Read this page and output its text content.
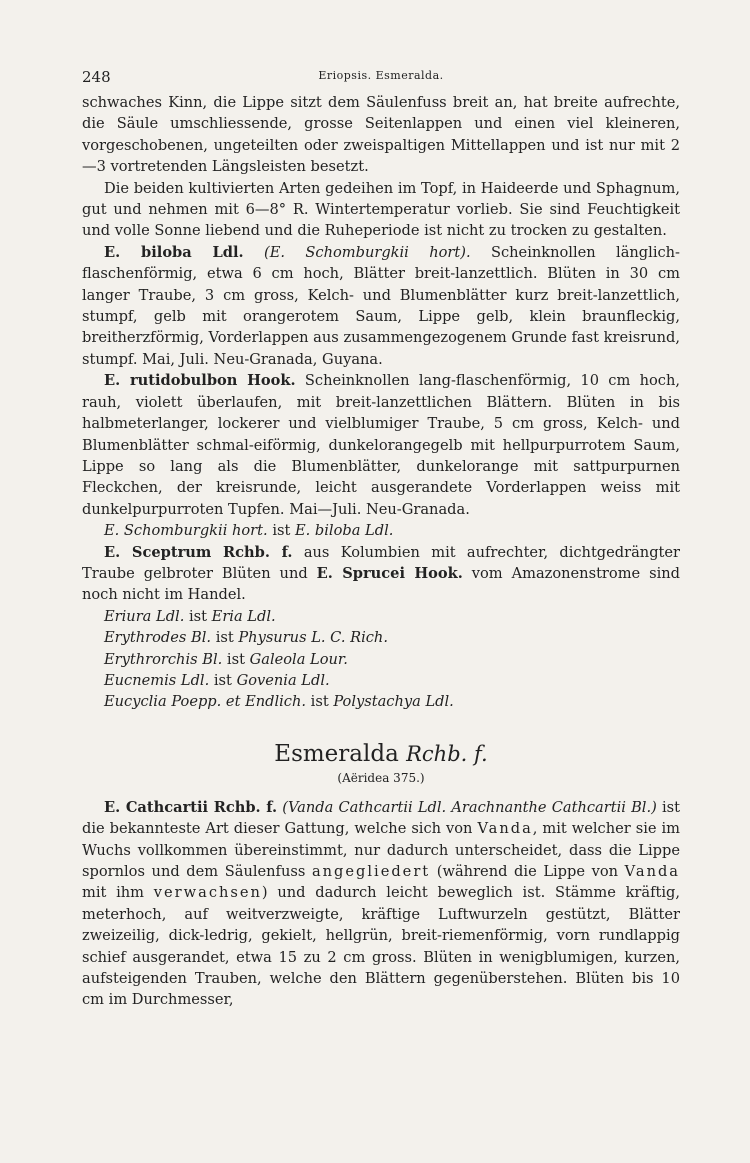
248	Eriopsis. Esmeralda.

schwaches Kinn, die Lippe sitzt dem Säulenfuss breit an, hat breite aufrechte, die Säule umschliessende, grosse Seitenlappen und einen viel kleineren, vorgeschobenen, ungeteilten oder zweispaltigen Mittellappen und ist nur mit 2—3 vortretenden Längsleisten besetzt.

Die beiden kultivierten Arten gedeihen im Topf, in Haideerde und Sphagnum, gut und nehmen mit 6—8° R. Wintertemperatur vorlieb. Sie sind Feuchtigkeit und volle Sonne liebend und die Ruheperiode ist nicht zu trocken zu gestalten.

E. biloba Ldl. (E. Schomburgkii hort). Scheinknollen länglich-flaschenförmig, etwa 6 cm hoch, Blätter breit-lanzettlich. Blüten in 30 cm langer Traube, 3 cm gross, Kelch- und Blumenblätter kurz breit-lanzettlich, stumpf, gelb mit orangerotem Saum, Lippe gelb, klein braunfleckig, breitherzförmig, Vorderlappen aus zusammengezogenem Grunde fast kreisrund, stumpf. Mai, Juli. Neu-Granada, Guyana.

E. rutidobulbon Hook. Scheinknollen lang-flaschenförmig, 10 cm hoch, rauh, violett überlaufen, mit breit-lanzettlichen Blättern. Blüten in bis halbmeterlanger, lockerer und vielblumiger Traube, 5 cm gross, Kelch- und Blumenblätter schmal-eiförmig, dunkelorangegelb mit hellpurpurrotem Saum, Lippe so lang als die Blumenblätter, dunkelorange mit sattpurpurnen Fleckchen, der kreisrunde, leicht ausgerandete Vorderlappen weiss mit dunkelpurpurroten Tupfen. Mai—Juli. Neu-Granada.

E. Schomburgkii hort. ist E. biloba Ldl.

E. Sceptrum Rchb. f. aus Kolumbien mit aufrechter, dichtgedrängter Traube gelbroter Blüten und E. Sprucei Hook. vom Amazonenstrome sind noch nicht im Handel.

Eriura Ldl. ist Eria Ldl.
Erythrodes Bl. ist Physurus L. C. Rich.
Erythrorchis Bl. ist Galeola Lour.
Eucnemis Ldl. ist Govenia Ldl.
Eucyclia Poepp. et Endlich. ist Polystachya Ldl.
Esmeralda Rchb. f.
(Aëridea 375.)

E. Cathcartii Rchb. f. (Vanda Cathcartii Ldl. Arachnanthe Cathcartii Bl.) ist die bekannteste Art dieser Gattung, welche sich von Vanda, mit welcher sie im Wuchs vollkommen übereinstimmt, nur dadurch unterscheidet, dass die Lippe spornlos und dem Säulenfuss angegliedert (während die Lippe von Vanda mit ihm verwachsen) und dadurch leicht beweglich ist. Stämme kräftig, meterhoch, auf weitverzweigte, kräftige Luftwurzeln gestützt, Blätter zweizeilig, dick-ledrig, gekielt, hellgrün, breit-riemenförmig, vorn rundlappig schief ausgerandet, etwa 15 zu 2 cm gross. Blüten in wenigblumigen, kurzen, aufsteigenden Trauben, welche den Blättern gegenüberstehen. Blüten bis 10 cm im Durchmesser,
